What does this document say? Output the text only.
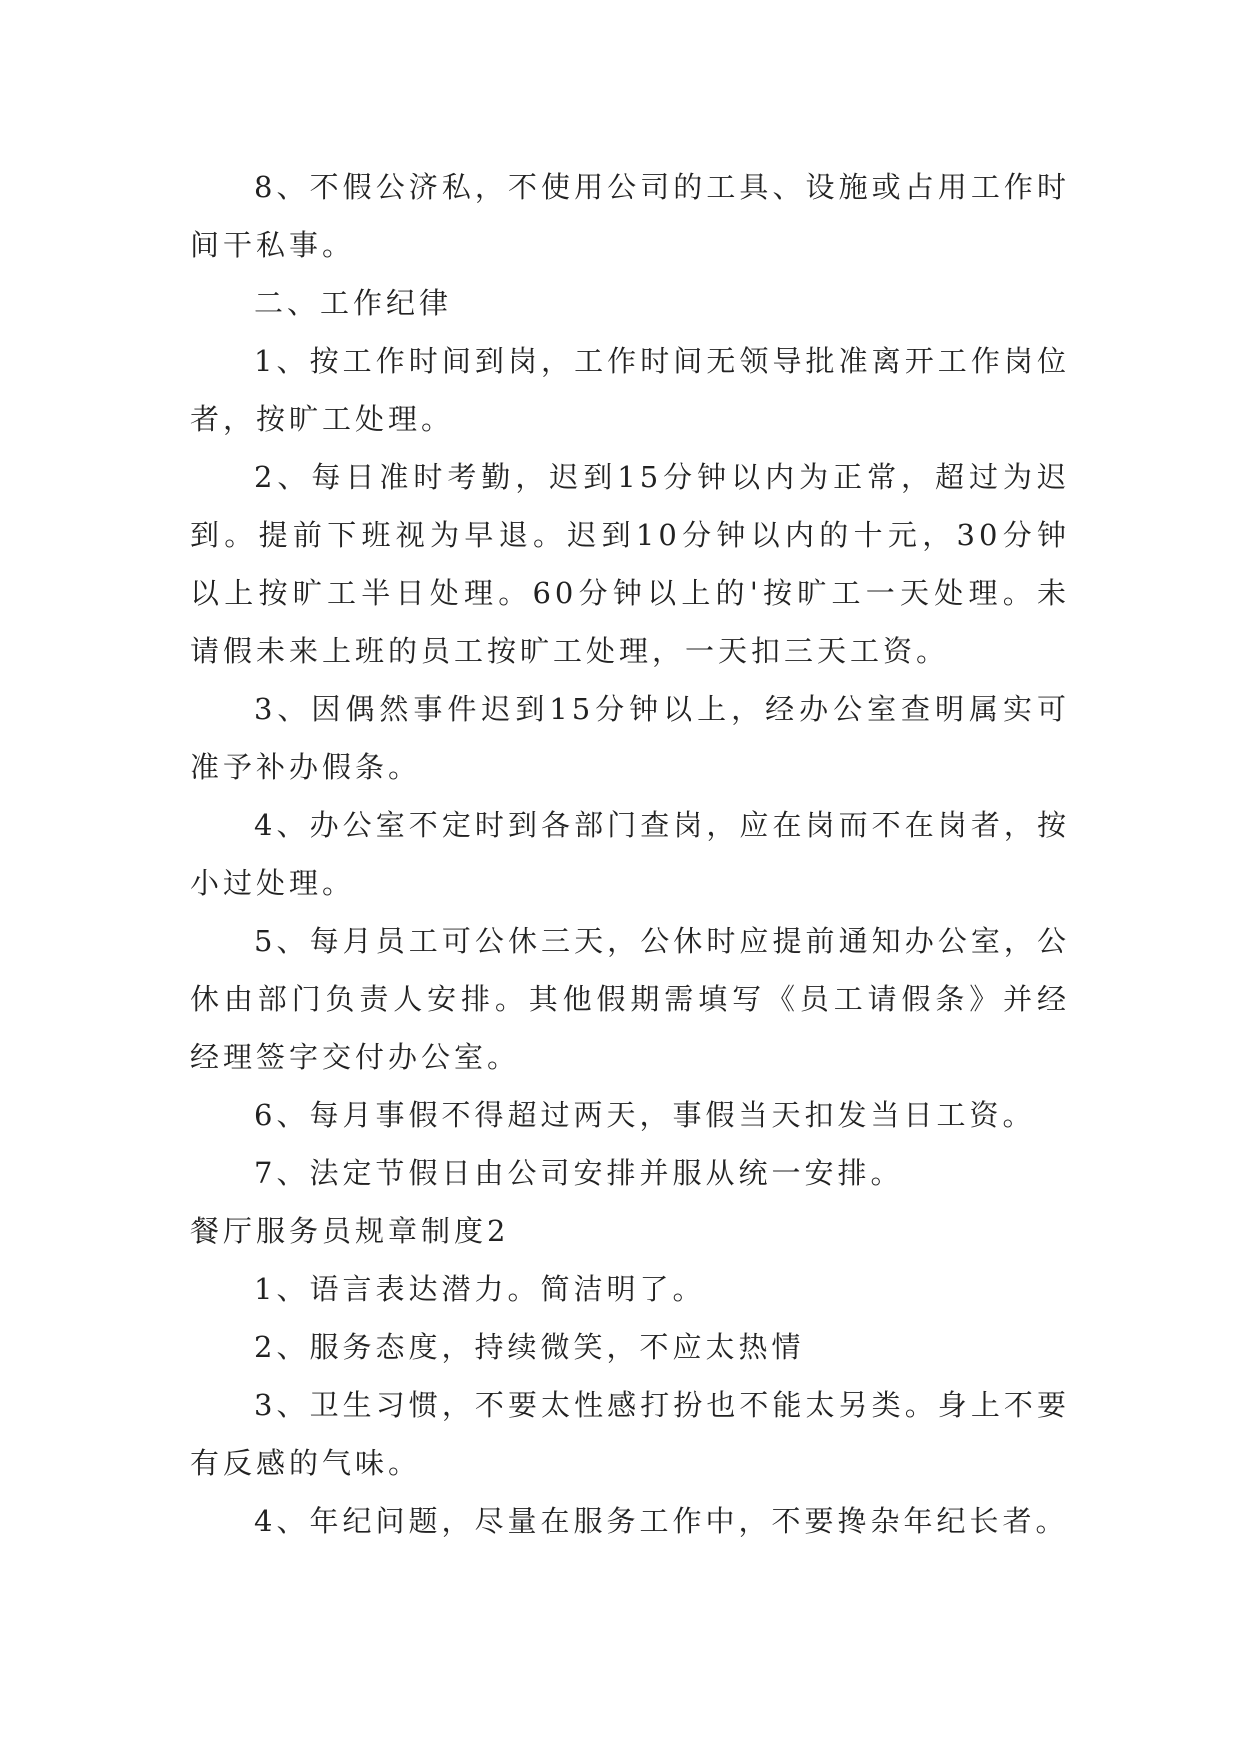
8、不假公济私，不使用公司的工具、设施或占用工作时间干私事。

二、工作纪律

1、按工作时间到岗，工作时间无领导批准离开工作岗位者，按旷工处理。

2、每日准时考勤，迟到15分钟以内为正常，超过为迟到。提前下班视为早退。迟到10分钟以内的十元，30分钟以上按旷工半日处理。60分钟以上的'按旷工一天处理。未请假未来上班的员工按旷工处理，一天扣三天工资。

3、因偶然事件迟到15分钟以上，经办公室查明属实可准予补办假条。

4、办公室不定时到各部门查岗，应在岗而不在岗者，按小过处理。

5、每月员工可公休三天，公休时应提前通知办公室，公休由部门负责人安排。其他假期需填写《员工请假条》并经经理签字交付办公室。

6、每月事假不得超过两天，事假当天扣发当日工资。

7、法定节假日由公司安排并服从统一安排。

餐厅服务员规章制度2

1、语言表达潜力。简洁明了。

2、服务态度，持续微笑，不应太热情

3、卫生习惯，不要太性感打扮也不能太另类。身上不要有反感的气味。

4、年纪问题，尽量在服务工作中，不要搀杂年纪长者。
